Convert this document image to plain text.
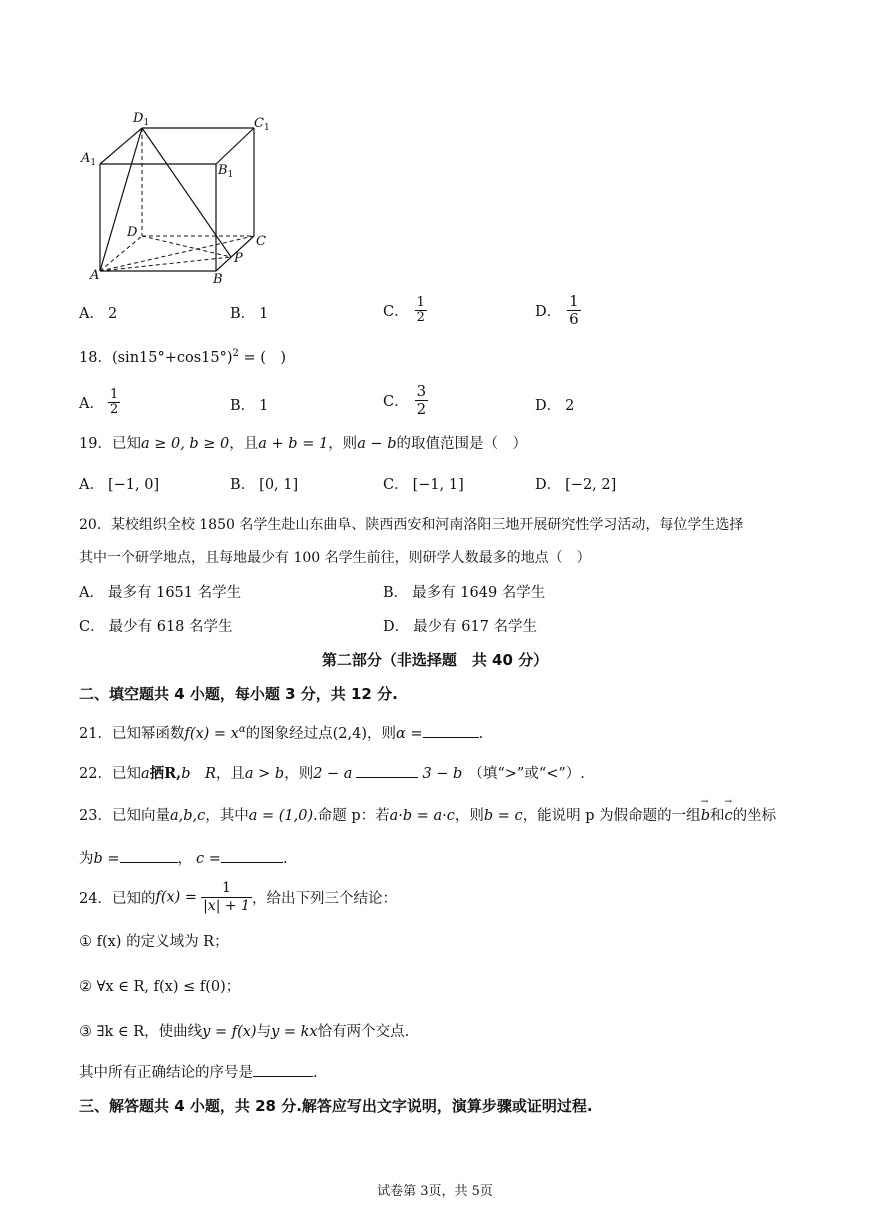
$D_1$	$C_1$
$A_1$	$B_1$
D
C
A	B
P
A． 2	B． 1	C． $\frac{1}{2}$	D． $\frac{1}{6}$
18．$(\sin 15^\circ+\cos 15^\circ)^2$ = (　)
A． $\frac{1}{2}$	B． 1	C． $\frac{3}{2}$	D． 2
19．已知a ≥ 0, b ≥ 0，且a + b = 1，则a − b的取值范围是（　）
A． [−1, 0]	B． [0, 1]	C． [−1, 1]	D． [−2, 2]
20．某校组织全校 1850 名学生赴山东曲阜、陕西西安和河南洛阳三地开展研究性学习活动，每位学生选择
其中一个研学地点，且每地最少有 100 名学生前往，则研学人数最多的地点（　）
A． 最多有 1651 名学生	B． 最多有 1649 名学生
C． 最少有 618 名学生	D． 最少有 617 名学生
第二部分（非选择题　共 40 分）
二、填空题共 4 小题，每小题 3 分，共 12 分.
21．已知幂函数$f(x) = x^\alpha$的图象经过点(2,4)，则α =	.
22．已知a拪R,b　R，且a > b，则2 − a	3 − b （填“>”或“<”）.
23．已知向量a,b,c，其中a = (1,0).命题 p：若a·b = a·c，则b = c，能说明 p 为假命题的一组→ b和→ c的坐标
为b =	， c =	.
24．已知的$f(x) = \frac{1}{|x| + 1}$ ，给出下列三个结论：
① f(x) 的定义域为 R；
② ∀x ∈ R, f(x) ≤ f(0)；
③ ∃k ∈ R，使曲线y = f(x)与y = kx恰有两个交点.
其中所有正确结论的序号是	.
三、解答题共 4 小题，共 28 分.解答应写出文字说明，演算步骤或证明过程.
试卷第 3页，共 5页
